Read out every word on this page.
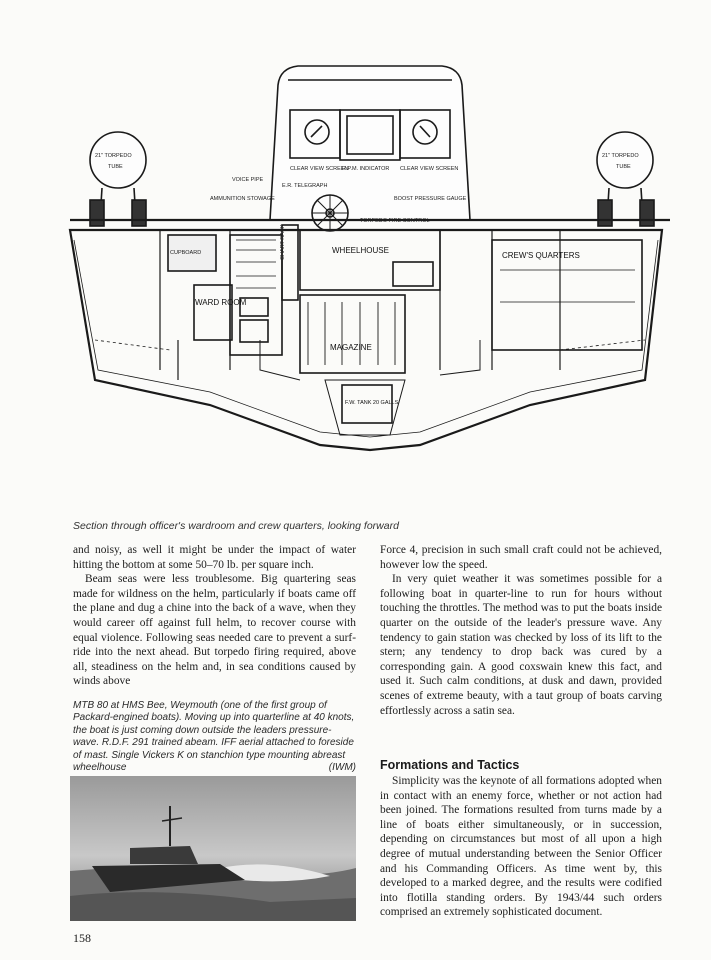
21" TORPEDO
TUBE
21" TORPEDO
TUBE
CLEAR VIEW SCREEN
R.P.M. INDICATOR CLEAR VIEW SCREEN
VOICE PIPE
E.R. TELEGRAPH
AMMUNITION STOWAGE	BOOST PRESSURE GAUGE
TORPEDO FIRE CONTROL
CUPBOARD	CHART RACK
WARD ROOM
WHEELHOUSE
CREW'S QUARTERS
MAGAZINE
F.W. TANK 20 GALLS
Section through officer's wardroom and crew quarters, looking forward

and noisy, as well it might be under the impact of water hitting the bottom at some 50–70 lb. per square inch.

Beam seas were less troublesome. Big quartering seas made for wildness on the helm, particularly if boats came off the plane and dug a chine into the back of a wave, when they would career off against full helm, to recover course with equal violence. Following seas needed care to prevent a surf-ride into the next ahead. But torpedo firing required, above all, steadiness on the helm and, in sea conditions caused by winds above

MTB 80 at HMS Bee, Weymouth (one of the first group of Packard-engined boats). Moving up into quarterline at 40 knots, the boat is just coming down outside the leaders pressure-wave. R.D.F. 291 trained abeam. IFF aerial attached to foreside of mast. Single Vickers K on stanchion type mounting abreast wheelhouse	(IWM)

Force 4, precision in such small craft could not be achieved, however low the speed.

In very quiet weather it was sometimes possible for a following boat in quarter-line to run for hours without touching the throttles. The method was to put the boats inside quarter on the outside of the leader's pressure wave. Any tendency to gain station was checked by loss of its lift to the stern; any tendency to drop back was cured by a corresponding gain. A good coxswain knew this fact, and used it. Such calm conditions, at dusk and dawn, provided scenes of extreme beauty, with a taut group of boats carving effortlessly across a satin sea.

Formations and Tactics

Simplicity was the keynote of all formations adopted when in contact with an enemy force, whether or not action had been joined. The formations resulted from turns made by a line of boats either simultaneously, or in succession, depending on circumstances but most of all upon a high degree of mutual understanding between the Senior Officer and his Commanding Officers. As time went by, this developed to a marked degree, and the results were codified into flotilla standing orders. By 1943/44 such orders comprised an extremely sophisticated document.

158
